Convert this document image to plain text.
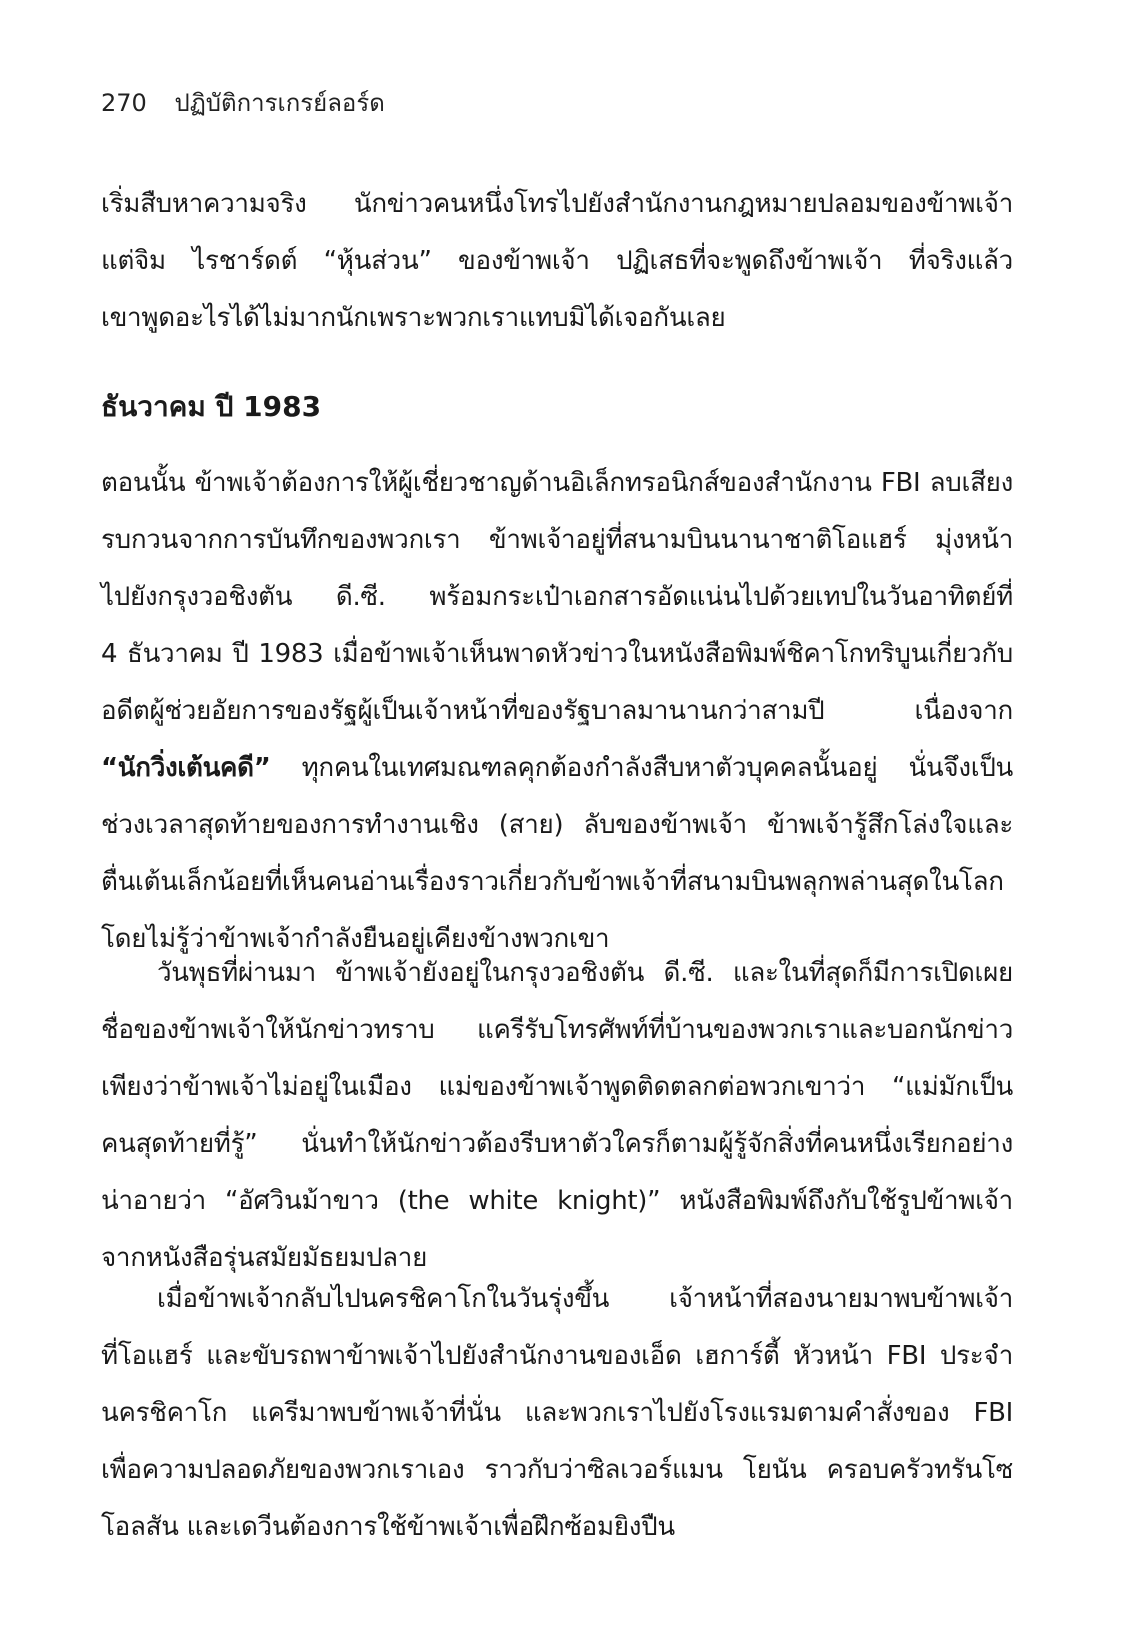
270 ปฏิบัติการเกรย์ลอร์ด
เริ่มสืบหาความจริง นักข่าวคนหนึ่งโทรไปยังสำนักงานกฎหมายปลอมของข้าพเจ้า
แต่จิม ไรชาร์ดต์ “หุ้นส่วน” ของข้าพเจ้า ปฏิเสธที่จะพูดถึงข้าพเจ้า ที่จริงแล้ว
เขาพูดอะไรได้ไม่มากนักเพราะพวกเราแทบมิได้เจอกันเลย
ธันวาคม ปี 1983
ตอนนั้น ข้าพเจ้าต้องการให้ผู้เชี่ยวชาญด้านอิเล็กทรอนิกส์ของสำนักงาน FBI ลบเสียง
รบกวนจากการบันทึกของพวกเรา ข้าพเจ้าอยู่ที่สนามบินนานาชาติโอแฮร์ มุ่งหน้า
ไปยังกรุงวอชิงตัน ดี.ซี. พร้อมกระเป๋าเอกสารอัดแน่นไปด้วยเทปในวันอาทิตย์ที่
4 ธันวาคม ปี 1983 เมื่อข้าพเจ้าเห็นพาดหัวข่าวในหนังสือพิมพ์ชิคาโกทริบูนเกี่ยวกับ
อดีตผู้ช่วยอัยการของรัฐผู้เป็นเจ้าหน้าที่ของรัฐบาลมานานกว่าสามปี เนื่องจาก
“นักวิ่งเต้นคดี” ทุกคนในเทศมณฑลคุกต้องกำลังสืบหาตัวบุคคลนั้นอยู่ นั่นจึงเป็น
ช่วงเวลาสุดท้ายของการทำงานเชิง (สาย) ลับของข้าพเจ้า ข้าพเจ้ารู้สึกโล่งใจและ
ตื่นเต้นเล็กน้อยที่เห็นคนอ่านเรื่องราวเกี่ยวกับข้าพเจ้าที่สนามบินพลุกพล่านสุดในโลก
โดยไม่รู้ว่าข้าพเจ้ากำลังยืนอยู่เคียงข้างพวกเขา
วันพุธที่ผ่านมา ข้าพเจ้ายังอยู่ในกรุงวอชิงตัน ดี.ซี. และในที่สุดก็มีการเปิดเผย
ชื่อของข้าพเจ้าให้นักข่าวทราบ แครีรับโทรศัพท์ที่บ้านของพวกเราและบอกนักข่าว
เพียงว่าข้าพเจ้าไม่อยู่ในเมือง แม่ของข้าพเจ้าพูดติดตลกต่อพวกเขาว่า “แม่มักเป็น
คนสุดท้ายที่รู้” นั่นทำให้นักข่าวต้องรีบหาตัวใครก็ตามผู้รู้จักสิ่งที่คนหนึ่งเรียกอย่าง
น่าอายว่า “อัศวินม้าขาว (the white knight)” หนังสือพิมพ์ถึงกับใช้รูปข้าพเจ้า
จากหนังสือรุ่นสมัยมัธยมปลาย
เมื่อข้าพเจ้ากลับไปนครชิคาโกในวันรุ่งขึ้น เจ้าหน้าที่สองนายมาพบข้าพเจ้า
ที่โอแฮร์ และขับรถพาข้าพเจ้าไปยังสำนักงานของเอ็ด เฮการ์ตี้ หัวหน้า FBI ประจำ
นครชิคาโก แครีมาพบข้าพเจ้าที่นั่น และพวกเราไปยังโรงแรมตามคำสั่งของ FBI
เพื่อความปลอดภัยของพวกเราเอง ราวกับว่าซิลเวอร์แมน โยนัน ครอบครัวทรันโซ
โอลสัน และเดวีนต้องการใช้ข้าพเจ้าเพื่อฝึกซ้อมยิงปืน
